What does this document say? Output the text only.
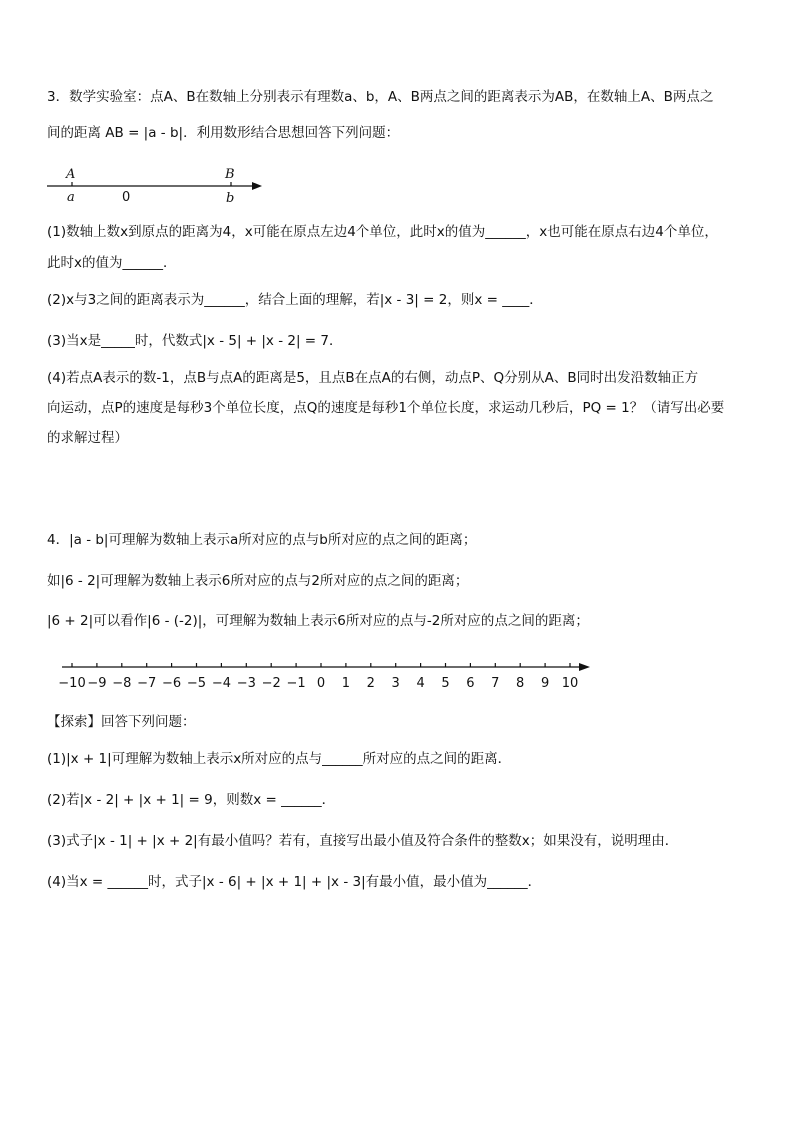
3．数学实验室：点A、B在数轴上分别表示有理数a、b，A、B两点之间的距离表示为AB，在数轴上A、B两点之
间的距离 AB = |a - b|．利用数形结合思想回答下列问题：
A
a	0
B
b
(1)数轴上数x到原点的距离为4，x可能在原点左边4个单位，此时x的值为______，x也可能在原点右边4个单位，
此时x的值为______．
(2)x与3之间的距离表示为______，结合上面的理解，若|x - 3| = 2，则x = ____．
(3)当x是_____时，代数式|x - 5| + |x - 2| = 7．
(4)若点A表示的数-1，点B与点A的距离是5，且点B在点A的右侧，动点P、Q分别从A、B同时出发沿数轴正方
向运动，点P的速度是每秒3个单位长度，点Q的速度是每秒1个单位长度，求运动几秒后，PQ = 1？（请写出必要
的求解过程）
4．|a - b|可理解为数轴上表示a所对应的点与b所对应的点之间的距离；
如|6 - 2|可理解为数轴上表示6所对应的点与2所对应的点之间的距离；
|6 + 2|可以看作|6 - (-2)|，可理解为数轴上表示6所对应的点与-2所对应的点之间的距离；
−10 −9 −8 −7 −6 −5 −4 −3 −2 −1 0 1 2 3 4 5 6 7 8 9 10
【探索】回答下列问题：
(1)|x + 1|可理解为数轴上表示x所对应的点与______所对应的点之间的距离．
(2)若|x - 2| + |x + 1| = 9，则数x = ______．
(3)式子|x - 1| + |x + 2|有最小值吗？若有，直接写出最小值及符合条件的整数x；如果没有，说明理由．
(4)当x = ______时，式子|x - 6| + |x + 1| + |x - 3|有最小值，最小值为______．
